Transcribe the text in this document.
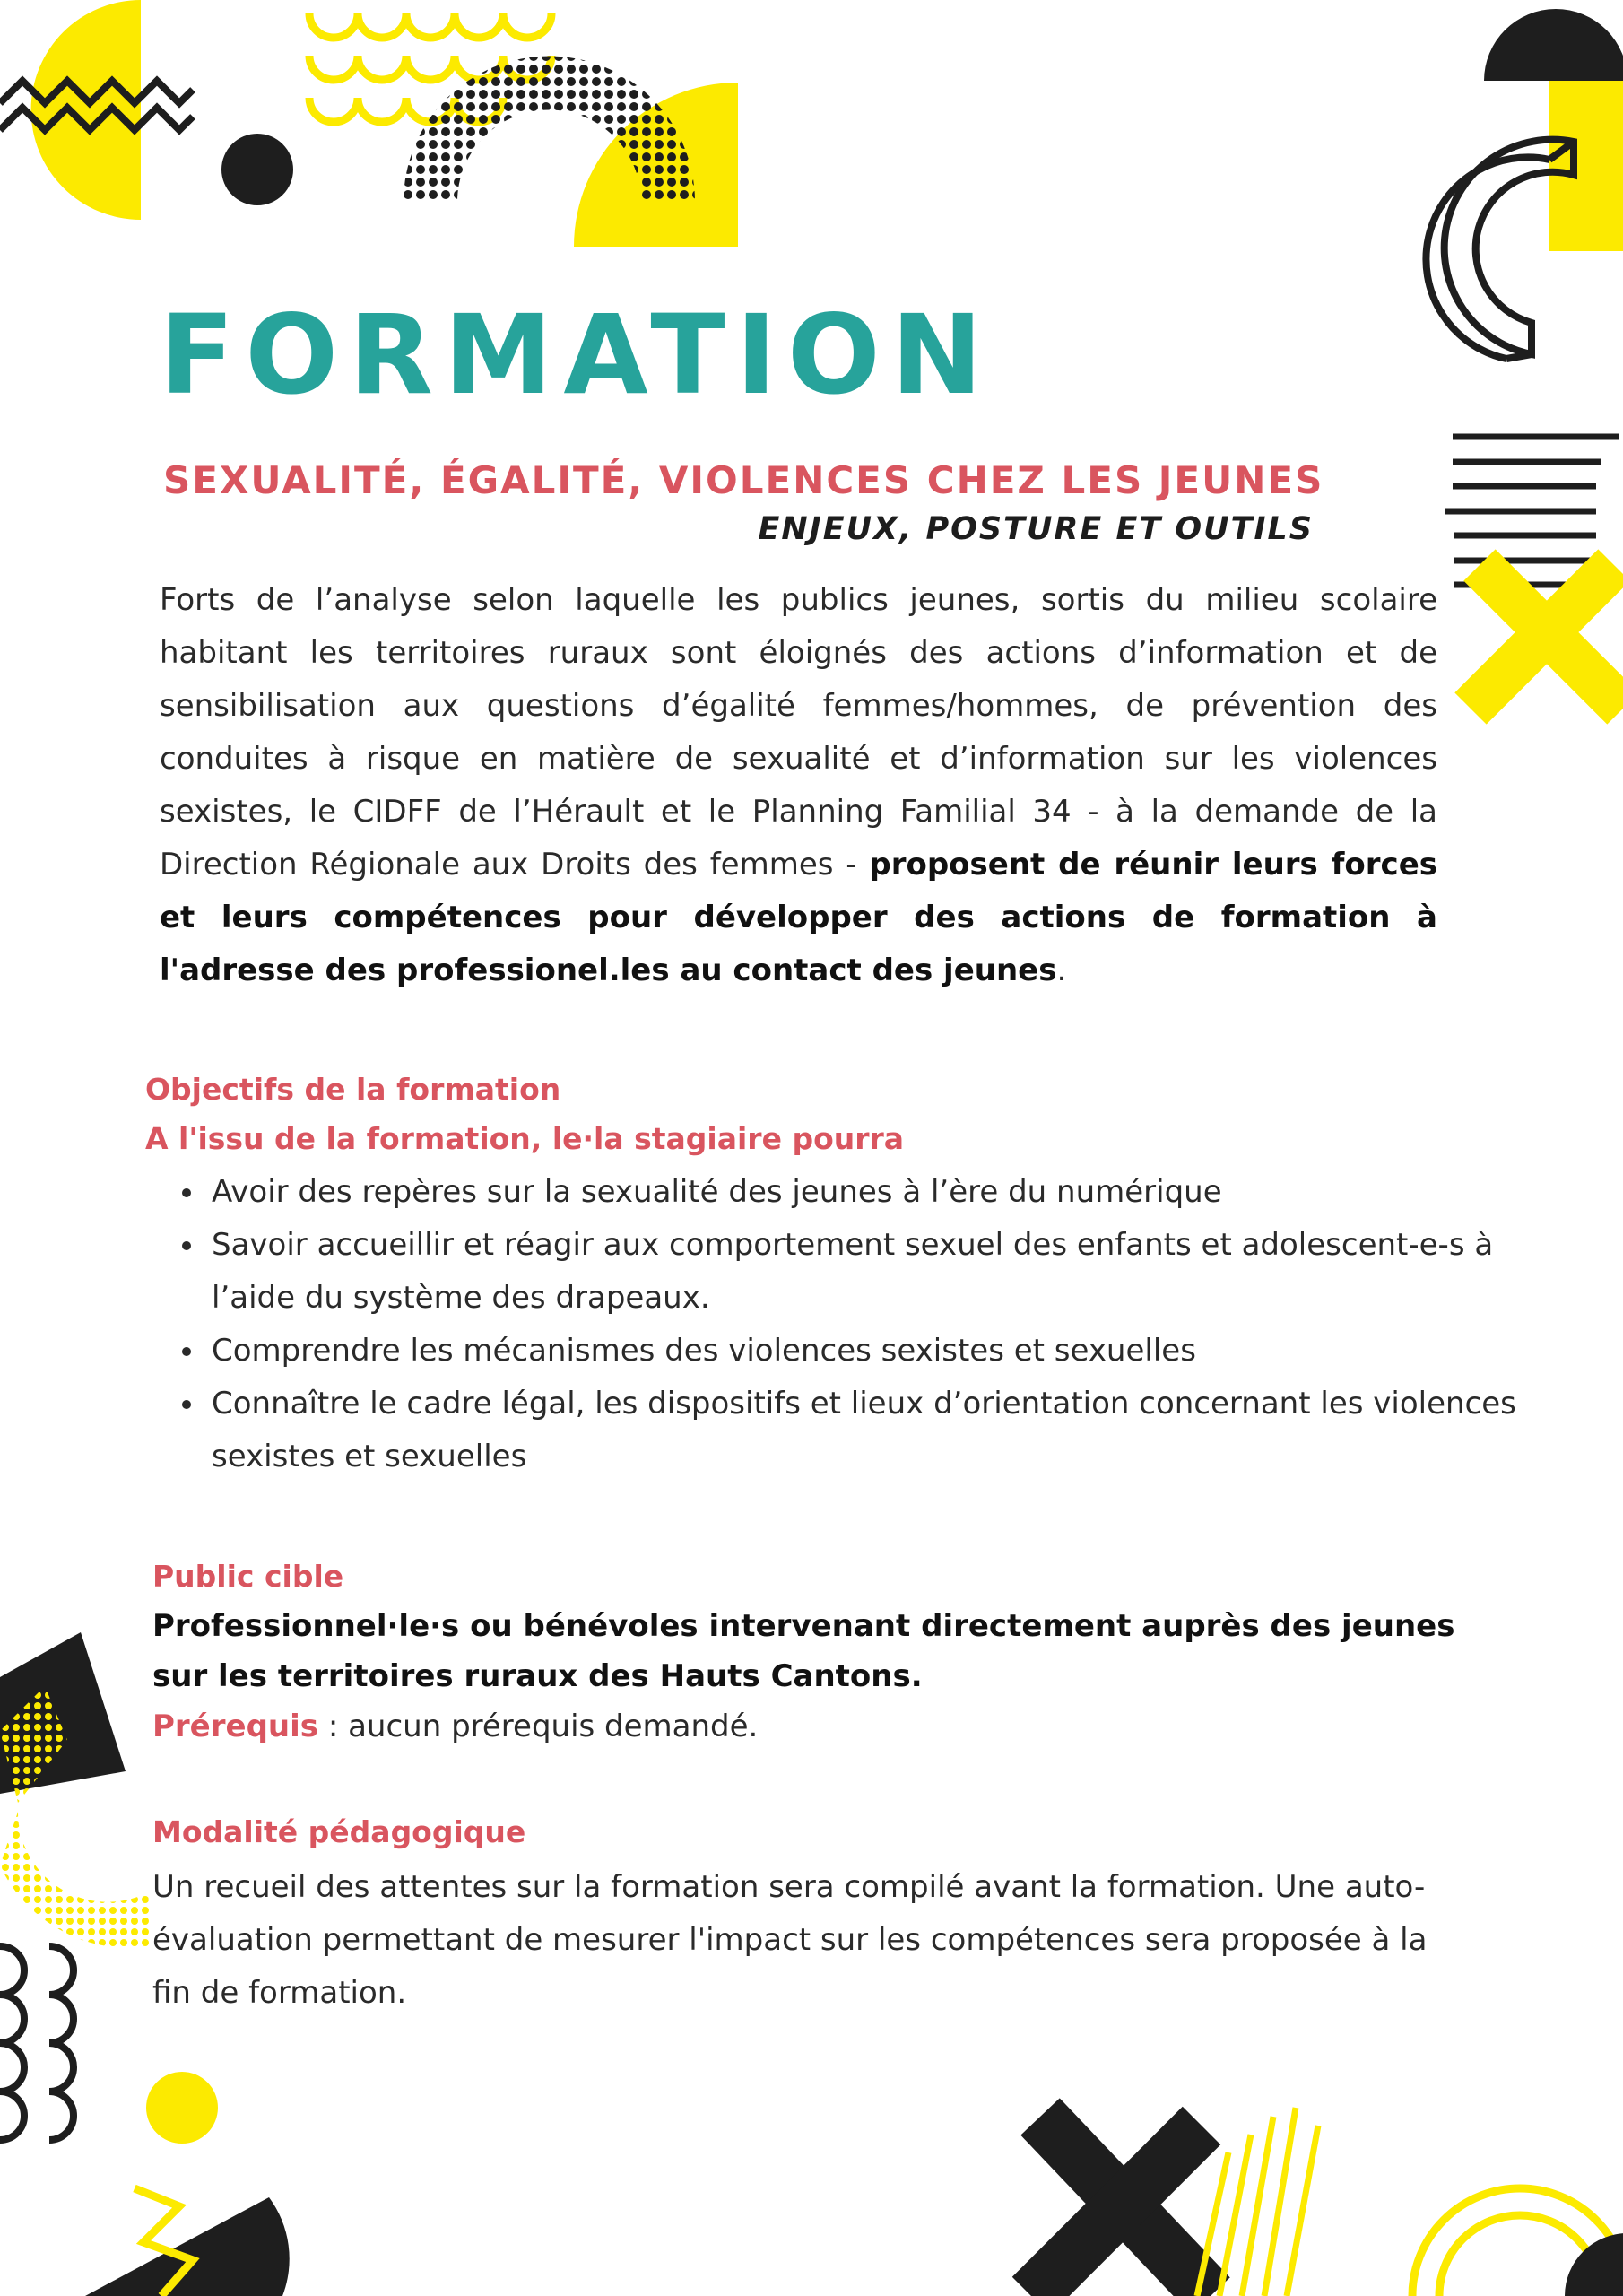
FORMATION
SEXUALITÉ, ÉGALITÉ, VIOLENCES CHEZ LES JEUNES
ENJEUX, POSTURE ET OUTILS

Forts de l’analyse selon laquelle les publics jeunes, sortis du milieu scolaire habitant les territoires ruraux sont éloignés des actions d’information et de sensibilisation aux questions d’égalité femmes/hommes, de prévention des conduites à risque en matière de sexualité et d’information sur les violences sexistes, le CIDFF de l’Hérault et le Planning Familial 34 - à la demande de la Direction Régionale aux Droits des femmes - proposent de réunir leurs forces et leurs compétences pour développer des actions de formation à l'adresse des professionel.les au contact des jeunes.

Objectifs de la formation

A l'issu de la formation, le·la stagiaire pourra

• Avoir des repères sur la sexualité des jeunes à l’ère du numérique
• Savoir accueillir et réagir aux comportement sexuel des enfants et adolescent-e-s à l’aide du système des drapeaux.
• Comprendre les mécanismes des violences sexistes et sexuelles
• Connaître le cadre légal, les dispositifs et lieux d’orientation concernant les violences sexistes et sexuelles

Public cible

Professionnel·le·s ou bénévoles intervenant directement auprès des jeunes sur les territoires ruraux des Hauts Cantons.

Prérequis : aucun prérequis demandé.

Modalité pédagogique

Un recueil des attentes sur la formation sera compilé avant la formation. Une auto-évaluation permettant de mesurer l'impact sur les compétences sera proposée à la fin de formation.
